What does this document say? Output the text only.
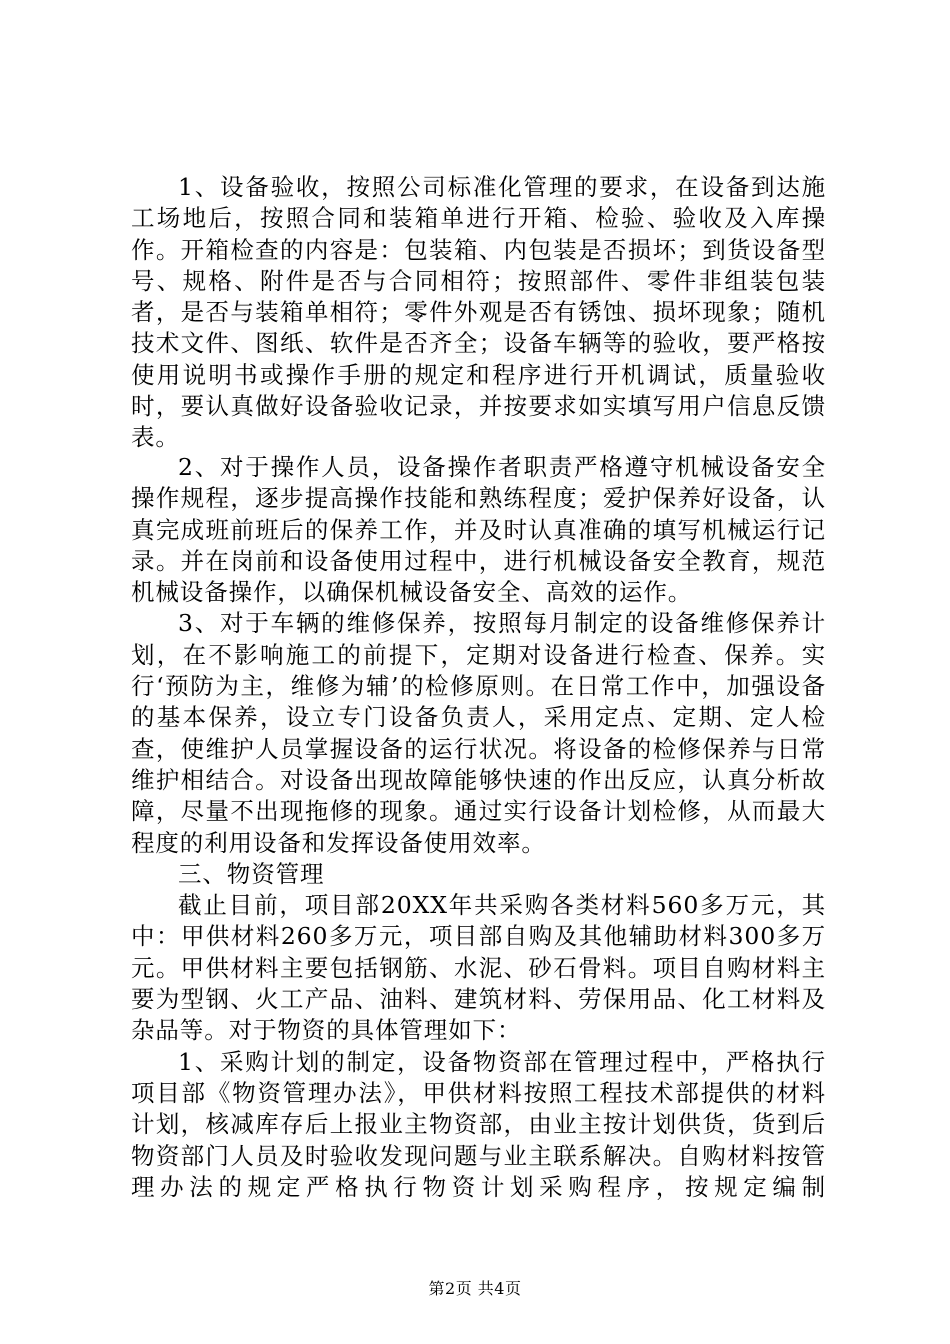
1、设备验收，按照公司标准化管理的要求，在设备到达施工场地后，按照合同和装箱单进行开箱、检验、验收及入库操作。开箱检查的内容是：包装箱、内包装是否损坏；到货设备型号、规格、附件是否与合同相符；按照部件、零件非组装包装者，是否与装箱单相符；零件外观是否有锈蚀、损坏现象；随机技术文件、图纸、软件是否齐全；设备车辆等的验收，要严格按使用说明书或操作手册的规定和程序进行开机调试，质量验收时，要认真做好设备验收记录，并按要求如实填写用户信息反馈表。

2、对于操作人员，设备操作者职责严格遵守机械设备安全操作规程，逐步提高操作技能和熟练程度；爱护保养好设备，认真完成班前班后的保养工作，并及时认真准确的填写机械运行记录。并在岗前和设备使用过程中，进行机械设备安全教育，规范机械设备操作，以确保机械设备安全、高效的运作。

3、对于车辆的维修保养，按照每月制定的设备维修保养计划，在不影响施工的前提下，定期对设备进行检查、保养。实行‘预防为主，维修为辅’的检修原则。在日常工作中，加强设备的基本保养，设立专门设备负责人，采用定点、定期、定人检查，使维护人员掌握设备的运行状况。将设备的检修保养与日常维护相结合。对设备出现故障能够快速的作出反应，认真分析故障，尽量不出现拖修的现象。通过实行设备计划检修，从而最大程度的利用设备和发挥设备使用效率。

三、物资管理

截止目前，项目部20XX年共采购各类材料560多万元，其中：甲供材料260多万元，项目部自购及其他辅助材料300多万元。甲供材料主要包括钢筋、水泥、砂石骨料。项目自购材料主要为型钢、火工产品、油料、建筑材料、劳保用品、化工材料及杂品等。对于物资的具体管理如下：

1、采购计划的制定，设备物资部在管理过程中，严格执行项目部《物资管理办法》，甲供材料按照工程技术部提供的材料计划，核减库存后上报业主物资部，由业主按计划供货，货到后物资部门人员及时验收发现问题与业主联系解决。自购材料按管理办法的规定严格执行物资计划采购程序，按规定编制

第2页 共4页
